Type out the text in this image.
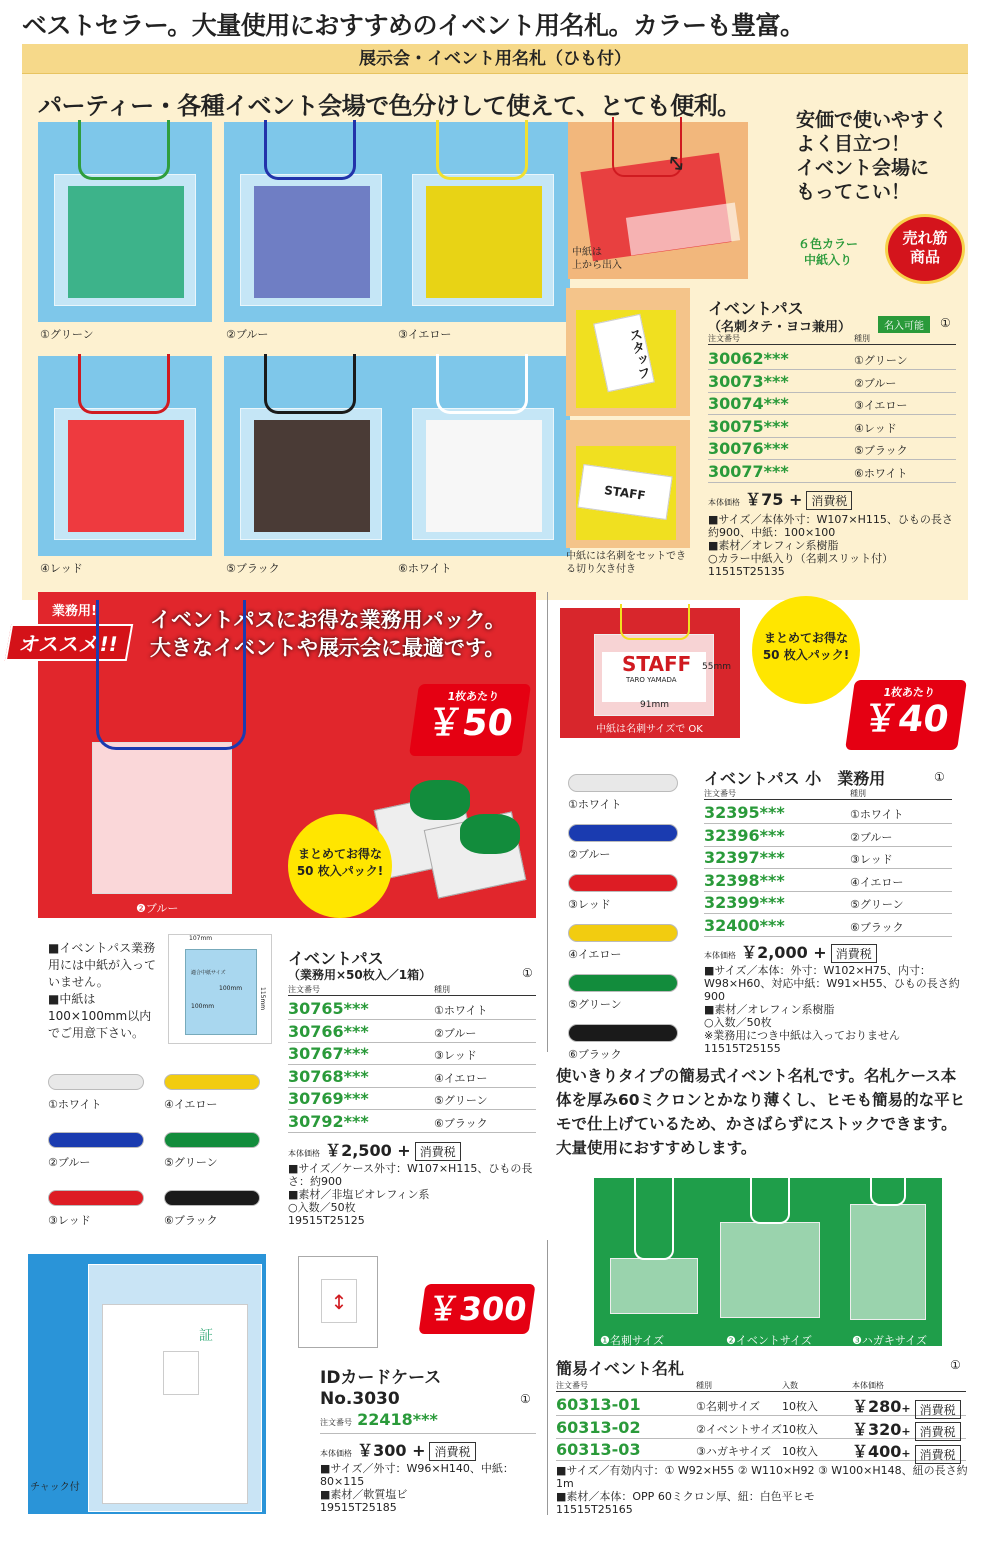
ベストセラー。大量使用におすすめのイベント用名札。カラーも豊富。
展示会・イベント用名札（ひも付）
パーティー・各種イベント会場で色分けして使えて、とても便利。
①グリーン	②ブルー	③イエロー
④レッド	⑤ブラック	⑥ホワイト
↕
中紙は
上から出入
スタッフ
STAFF
中紙には名刺をセットでき
る切り欠き付き
安価で使いやすく
よく目立つ！
イベント会場に
もってこい！
６色カラー
中紙入り
売れ筋
商品
イベントパス
（名刺タテ・ヨコ兼用）	名入可能	①
注文番号	種別
30062***	①グリーン
30073***	②ブルー
30074***	③イエロー
30075***	④レッド
30076***	⑤ブラック
30077***	⑥ホワイト
本体価格 ￥75 + 消費税
■サイズ／本体外寸：W107×H115、ひもの長さ約900、中紙：100×100
■素材／オレフィン系樹脂
○カラー中紙入り（名刺スリット付）
11515T25135
業務用!
オススメ!!
イベントパスにお得な業務用パック。
大きなイベントや展示会に最適です。
❷ブルー
1枚あたり
￥50
まとめてお得な
50 枚入パック!
■イベントパス業務用には中紙が入っていません。
■中紙は100×100mm以内でご用意下さい。
107mm
適合中紙サイズ
100mm
100mm	115mm
イベントパス
（業務用×50枚入／1箱）	①
注文番号	種別
30765***	①ホワイト
30766***	②ブルー
30767***	③レッド
30768***	④イエロー
30769***	⑤グリーン
30792***	⑥ブラック
①ホワイト	④イエロー
②ブルー	⑤グリーン
③レッド	⑥ブラック
本体価格 ￥2,500 + 消費税
■サイズ／ケース外寸：W107×H115、ひもの長さ：約900
■素材／非塩ビオレフィン系
○入数／50枚
19515T25125
STAFF
TARO YAMADA
55mm
91mm
中紙は名刺サイズで OK
まとめてお得な
50 枚入パック!
1枚あたり
￥40
①ホワイト
②ブルー
③レッド
④イエロー
⑤グリーン
⑥ブラック
イベントパス 小　業務用	①
注文番号	種別
32395***	①ホワイト
32396***	②ブルー
32397***	③レッド
32398***	④イエロー
32399***	⑤グリーン
32400***	⑥ブラック
本体価格 ￥2,000 + 消費税
■サイズ／本体：外寸：W102×H75、内寸：W98×H60、対応中紙：W91×H55、ひもの長さ約900
■素材／オレフィン系樹脂
○入数／50枚
※業務用につき中紙は入っておりません
11515T25155
証
チャック付
↕	￥300
IDカードケース
No.3030	①
注文番号 22418***
本体価格 ￥300 + 消費税
■サイズ／外寸：W96×H140、中紙：80×115
■素材／軟質塩ビ
19515T25185
使いきりタイプの簡易式イベント名札です。名札ケース本体を厚み60ミクロンとかなり薄くし、ヒモも簡易的な平ヒモで仕上げているため、かさばらずにストックできます。大量使用におすすめします。
❶名刺サイズ	❷イベントサイズ	❸ハガキサイズ
簡易イベント名札	①
注文番号	種別	入数	本体価格
60313-01	①名刺サイズ 10枚入 ￥280+ 消費税
60313-02	②イベントサイズ 10枚入 ￥320+ 消費税
60313-03	③ハガキサイズ 10枚入 ￥400+ 消費税
■サイズ／有効内寸：① W92×H55 ② W110×H92 ③ W100×H148、紐の長さ約1m
■素材／本体：OPP 60ミクロン厚、紐：白色平ヒモ
11515T25165
